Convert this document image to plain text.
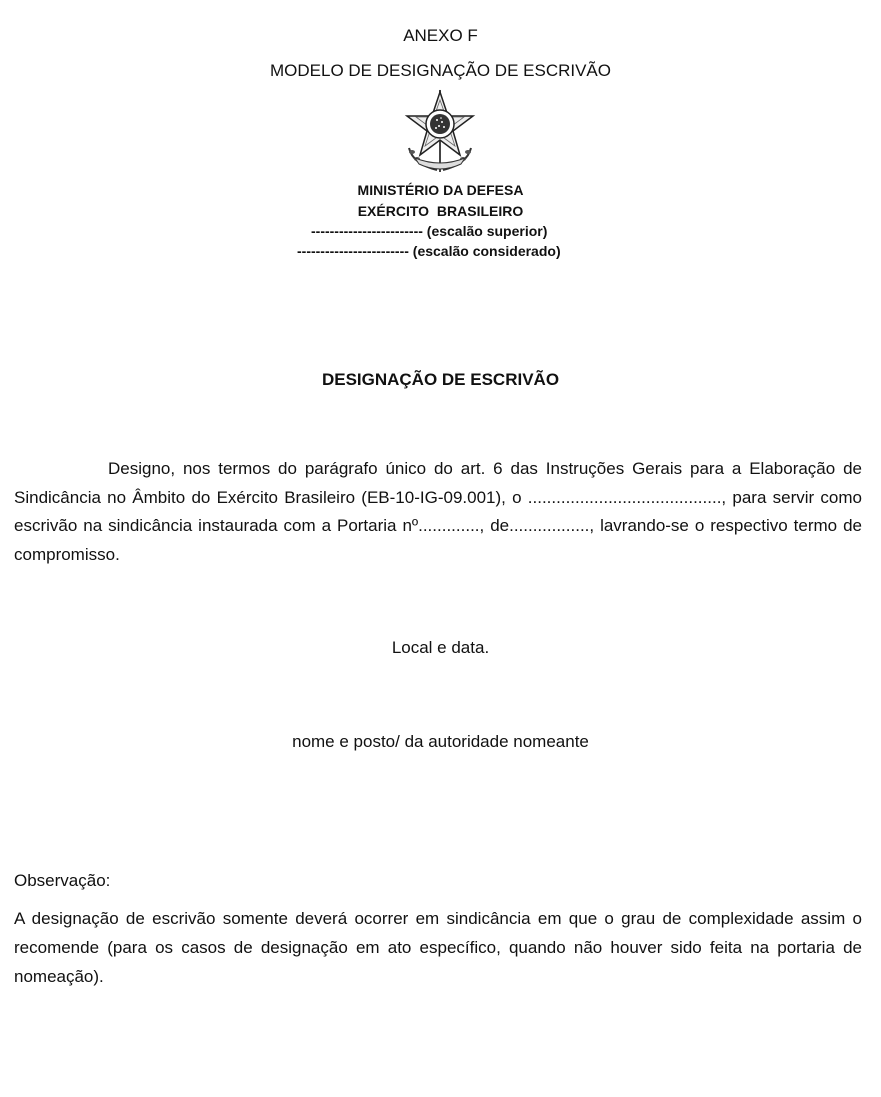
ANEXO F
MODELO DE DESIGNAÇÃO DE ESCRIVÃO
MINISTÉRIO DA DEFESA
EXÉRCITO BRASILEIRO
------------------------ (escalão superior)
------------------------ (escalão considerado)
DESIGNAÇÃO DE ESCRIVÃO
Designo, nos termos do parágrafo único do art. 6 das Instruções Gerais para a Elaboração de Sindicância no Âmbito do Exército Brasileiro (EB-10-IG-09.001), o ........................................., para servir como escrivão na sindicância instaurada com a Portaria nº............., de................., lavrando-se o respectivo termo de compromisso.
Local e data.
nome e posto/ da autoridade nomeante
Observação:
A designação de escrivão somente deverá ocorrer em sindicância em que o grau de complexidade assim o recomende (para os casos de designação em ato específico, quando não houver sido feita na portaria de nomeação).
